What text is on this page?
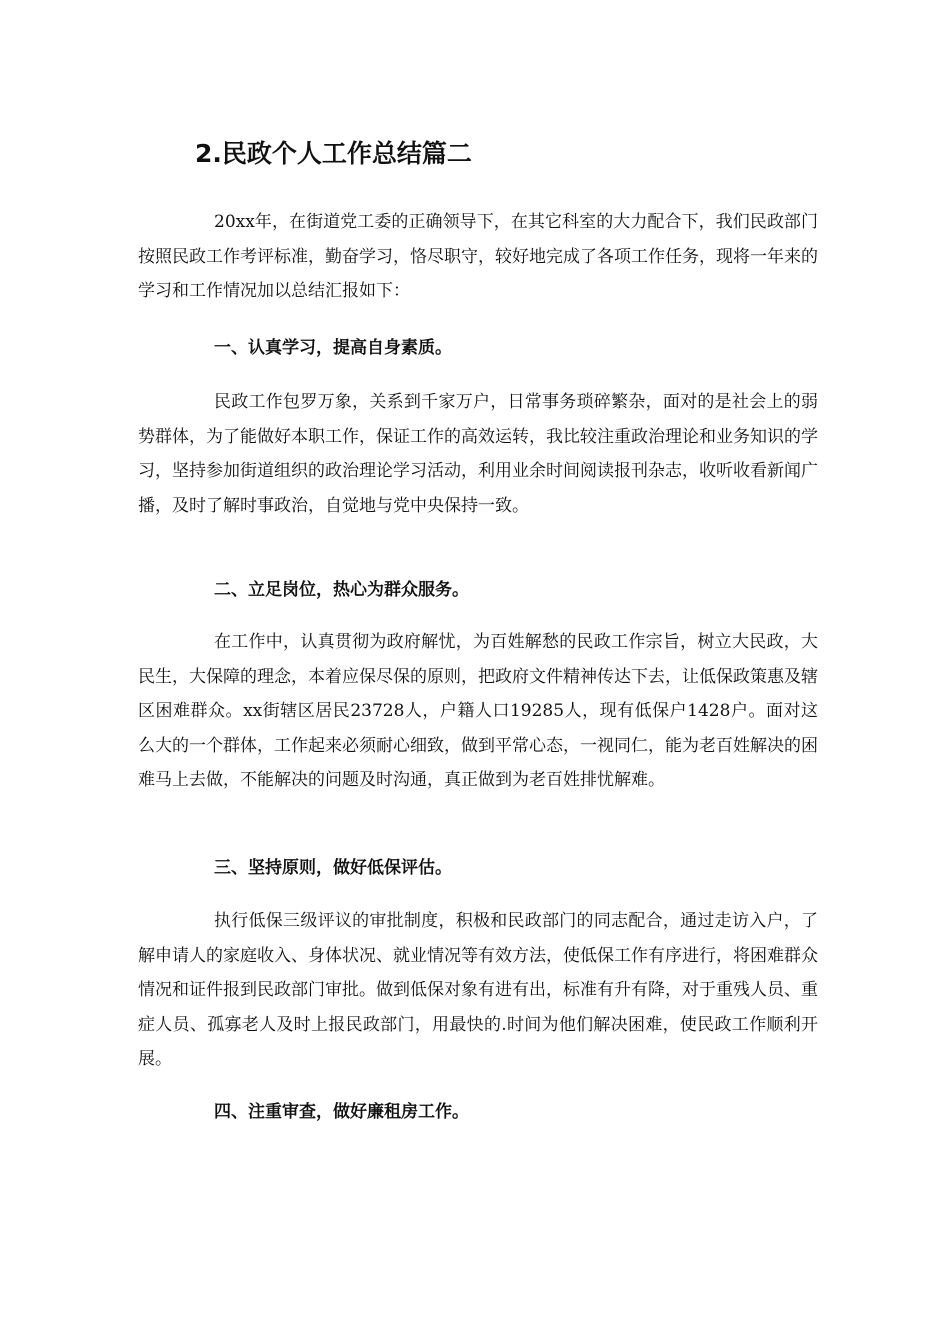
2.民政个人工作总结篇二

20xx年，在街道党工委的正确领导下，在其它科室的大力配合下，我们民政部门按照民政工作考评标准，勤奋学习，恪尽职守，较好地完成了各项工作任务，现将一年来的学习和工作情况加以总结汇报如下：

一、认真学习，提高自身素质。

民政工作包罗万象，关系到千家万户，日常事务琐碎繁杂，面对的是社会上的弱势群体，为了能做好本职工作，保证工作的高效运转，我比较注重政治理论和业务知识的学习，坚持参加街道组织的政治理论学习活动，利用业余时间阅读报刊杂志，收听收看新闻广播，及时了解时事政治，自觉地与党中央保持一致。

二、立足岗位，热心为群众服务。

在工作中，认真贯彻为政府解忧，为百姓解愁的民政工作宗旨，树立大民政，大民生，大保障的理念，本着应保尽保的原则，把政府文件精神传达下去，让低保政策惠及辖区困难群众。xx街辖区居民23728人，户籍人口19285人，现有低保户1428户。面对这么大的一个群体，工作起来必须耐心细致，做到平常心态，一视同仁，能为老百姓解决的困难马上去做，不能解决的问题及时沟通，真正做到为老百姓排忧解难。

三、坚持原则，做好低保评估。

执行低保三级评议的审批制度，积极和民政部门的同志配合，通过走访入户，了解申请人的家庭收入、身体状况、就业情况等有效方法，使低保工作有序进行，将困难群众情况和证件报到民政部门审批。做到低保对象有进有出，标准有升有降，对于重残人员、重症人员、孤寡老人及时上报民政部门，用最快的.时间为他们解决困难，使民政工作顺利开展。

四、注重审查，做好廉租房工作。
